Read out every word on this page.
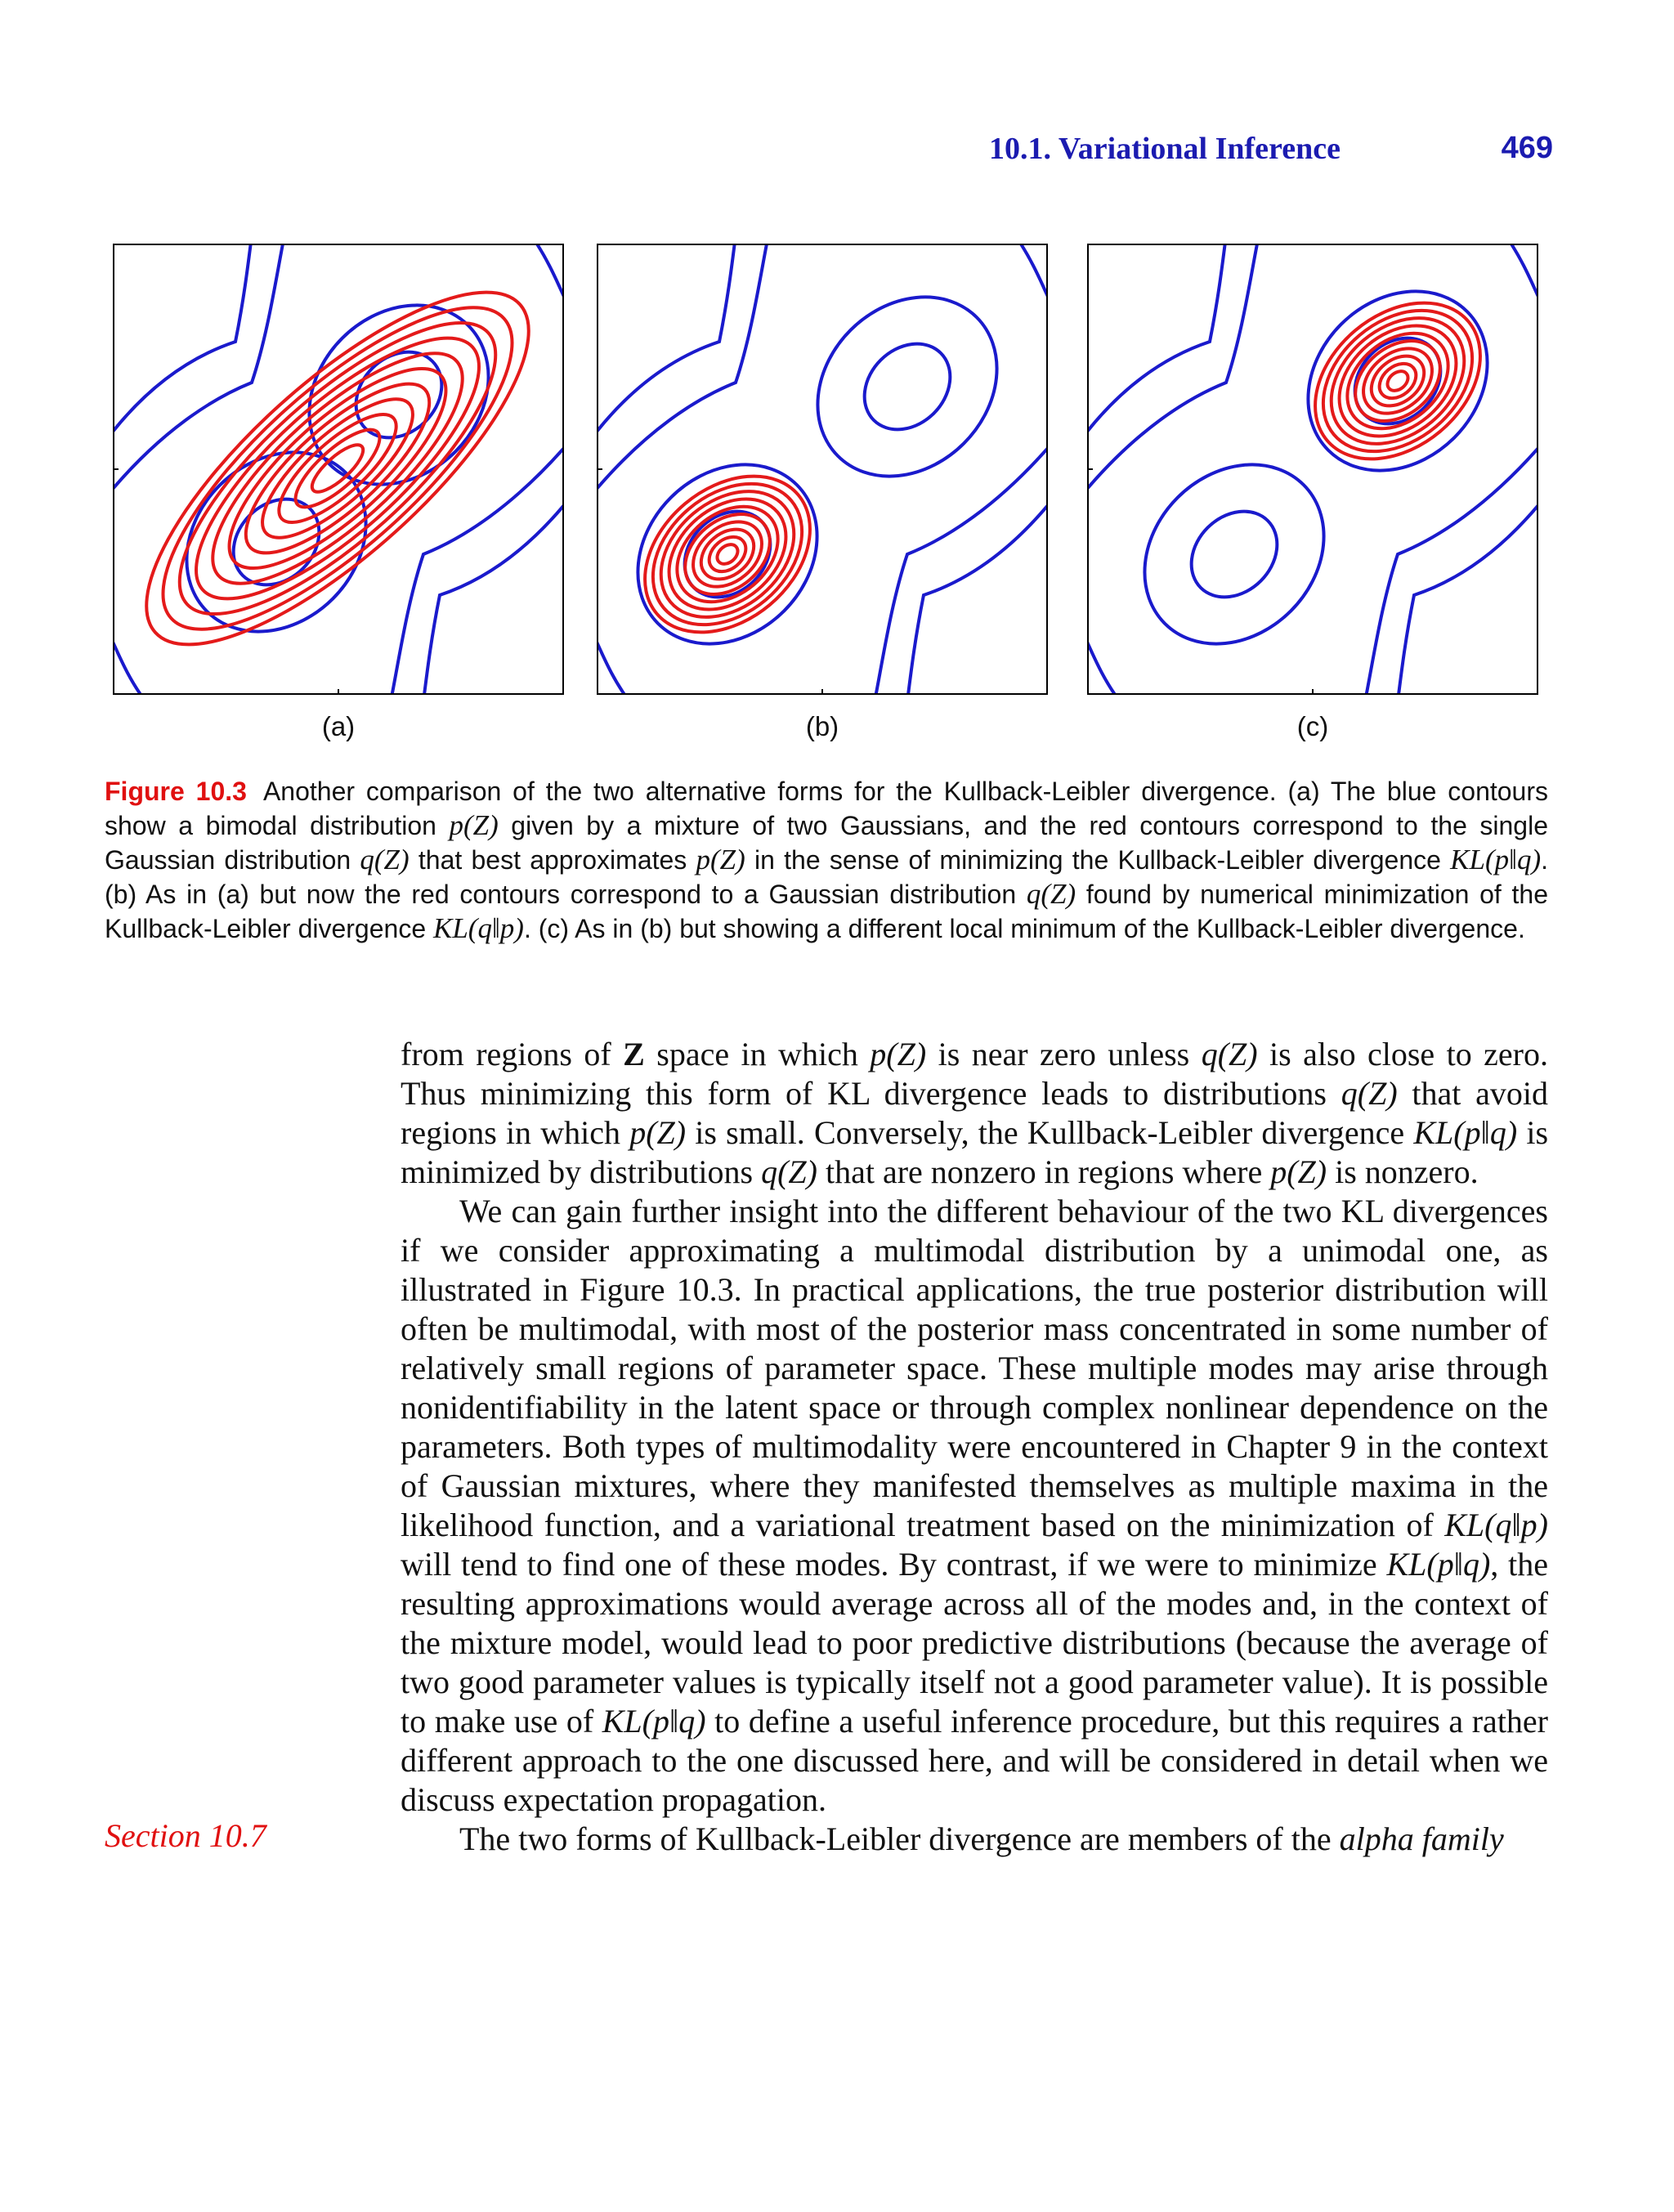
10.1. Variational Inference	469
(a)	(b)	(c)
Figure 10.3 Another comparison of the two alternative forms for the Kullback-Leibler divergence. (a) The blue contours show a bimodal distribution p(Z) given by a mixture of two Gaussians, and the red contours correspond to the single Gaussian distribution q(Z) that best approximates p(Z) in the sense of minimizing the Kullback-Leibler divergence KL(p‖q). (b) As in (a) but now the red contours correspond to a Gaussian distribution q(Z) found by numerical minimization of the Kullback-Leibler divergence KL(q‖p). (c) As in (b) but showing a different local minimum of the Kullback-Leibler divergence.

from regions of Z space in which p(Z) is near zero unless q(Z) is also close to zero. Thus minimizing this form of KL divergence leads to distributions q(Z) that avoid regions in which p(Z) is small. Conversely, the Kullback-Leibler divergence KL(p‖q) is minimized by distributions q(Z) that are nonzero in regions where p(Z) is nonzero.

We can gain further insight into the different behaviour of the two KL divergences if we consider approximating a multimodal distribution by a unimodal one, as illustrated in Figure 10.3. In practical applications, the true posterior distribution will often be multimodal, with most of the posterior mass concentrated in some number of relatively small regions of parameter space. These multiple modes may arise through nonidentifiability in the latent space or through complex nonlinear dependence on the parameters. Both types of multimodality were encountered in Chapter 9 in the context of Gaussian mixtures, where they manifested themselves as multiple maxima in the likelihood function, and a variational treatment based on the minimization of KL(q‖p) will tend to find one of these modes. By contrast, if we were to minimize KL(p‖q), the resulting approximations would average across all of the modes and, in the context of the mixture model, would lead to poor predictive distributions (because the average of two good parameter values is typically itself not a good parameter value). It is possible to make use of KL(p‖q) to define a useful inference procedure, but this requires a rather different approach to the one discussed here, and will be considered in detail when we discuss expectation propagation.

The two forms of Kullback-Leibler divergence are members of the alpha family

Section 10.7
